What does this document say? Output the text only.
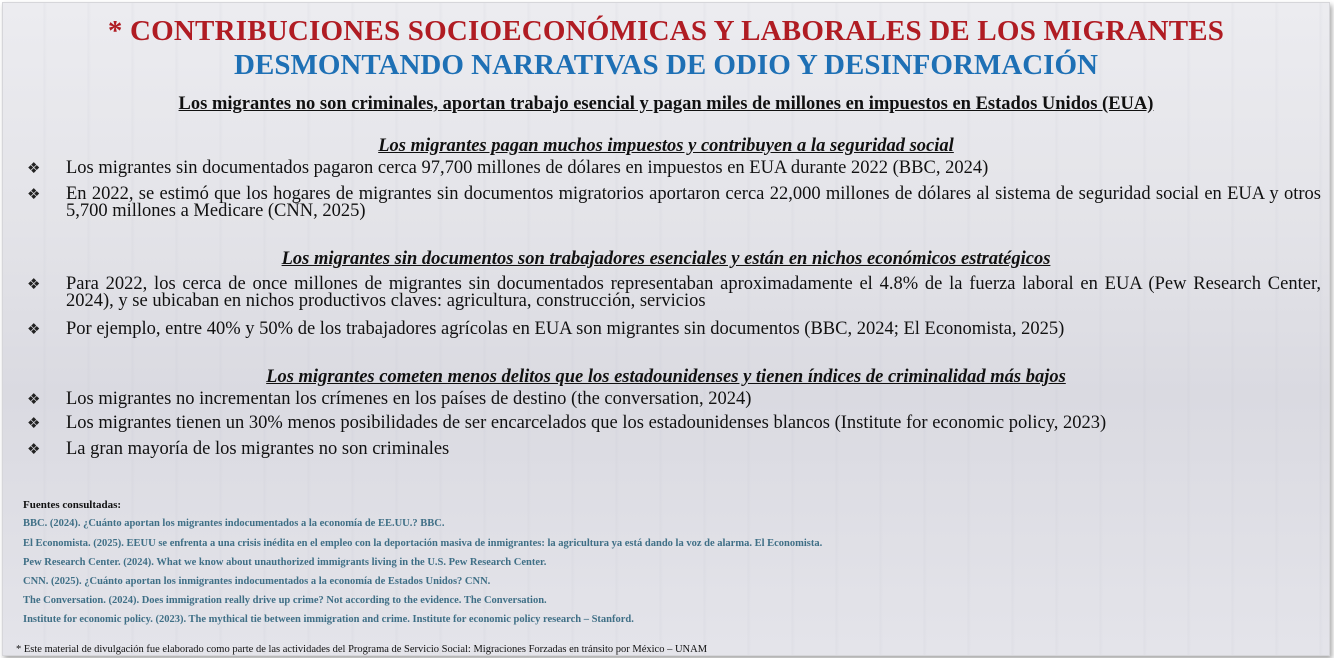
* CONTRIBUCIONES SOCIOECONÓMICAS Y LABORALES DE LOS MIGRANTES
DESMONTANDO NARRATIVAS DE ODIO Y DESINFORMACIÓN
Los migrantes no son criminales, aportan trabajo esencial y pagan miles de millones en impuestos en Estados Unidos (EUA)
Los migrantes pagan muchos impuestos y contribuyen a la seguridad social
❖ Los migrantes sin documentados pagaron cerca 97,700 millones de dólares en impuestos en EUA durante 2022 (BBC, 2024)
❖ En 2022, se estimó que los hogares de migrantes sin documentos migratorios aportaron cerca 22,000 millones de dólares al sistema de seguridad social en EUA y otros 5,700 millones a Medicare (CNN, 2025)
Los migrantes sin documentos son trabajadores esenciales y están en nichos económicos estratégicos
❖ Para 2022, los cerca de once millones de migrantes sin documentados representaban aproximadamente el 4.8% de la fuerza laboral en EUA (Pew Research Center, 2024), y se ubicaban en nichos productivos claves: agricultura, construcción, servicios
❖ Por ejemplo, entre 40% y 50% de los trabajadores agrícolas en EUA son migrantes sin documentos (BBC, 2024; El Economista, 2025)
Los migrantes cometen menos delitos que los estadounidenses y tienen índices de criminalidad más bajos
❖ Los migrantes no incrementan los crímenes en los países de destino (the conversation, 2024)
❖ Los migrantes tienen un 30% menos posibilidades de ser encarcelados que los estadounidenses blancos (Institute for economic policy, 2023)
❖ La gran mayoría de los migrantes no son criminales
Fuentes consultadas:
BBC. (2024). ¿Cuánto aportan los migrantes indocumentados a la economía de EE.UU.? BBC.
El Economista. (2025). EEUU se enfrenta a una crisis inédita en el empleo con la deportación masiva de inmigrantes: la agricultura ya está dando la voz de alarma. El Economista.
Pew Research Center. (2024). What we know about unauthorized immigrants living in the U.S. Pew Research Center.
CNN. (2025). ¿Cuánto aportan los inmigrantes indocumentados a la economía de Estados Unidos? CNN.
The Conversation. (2024). Does immigration really drive up crime? Not according to the evidence. The Conversation.
Institute for economic policy. (2023). The mythical tie between immigration and crime. Institute for economic policy research – Stanford.
* Este material de divulgación fue elaborado como parte de las actividades del Programa de Servicio Social: Migraciones Forzadas en tránsito por México – UNAM
